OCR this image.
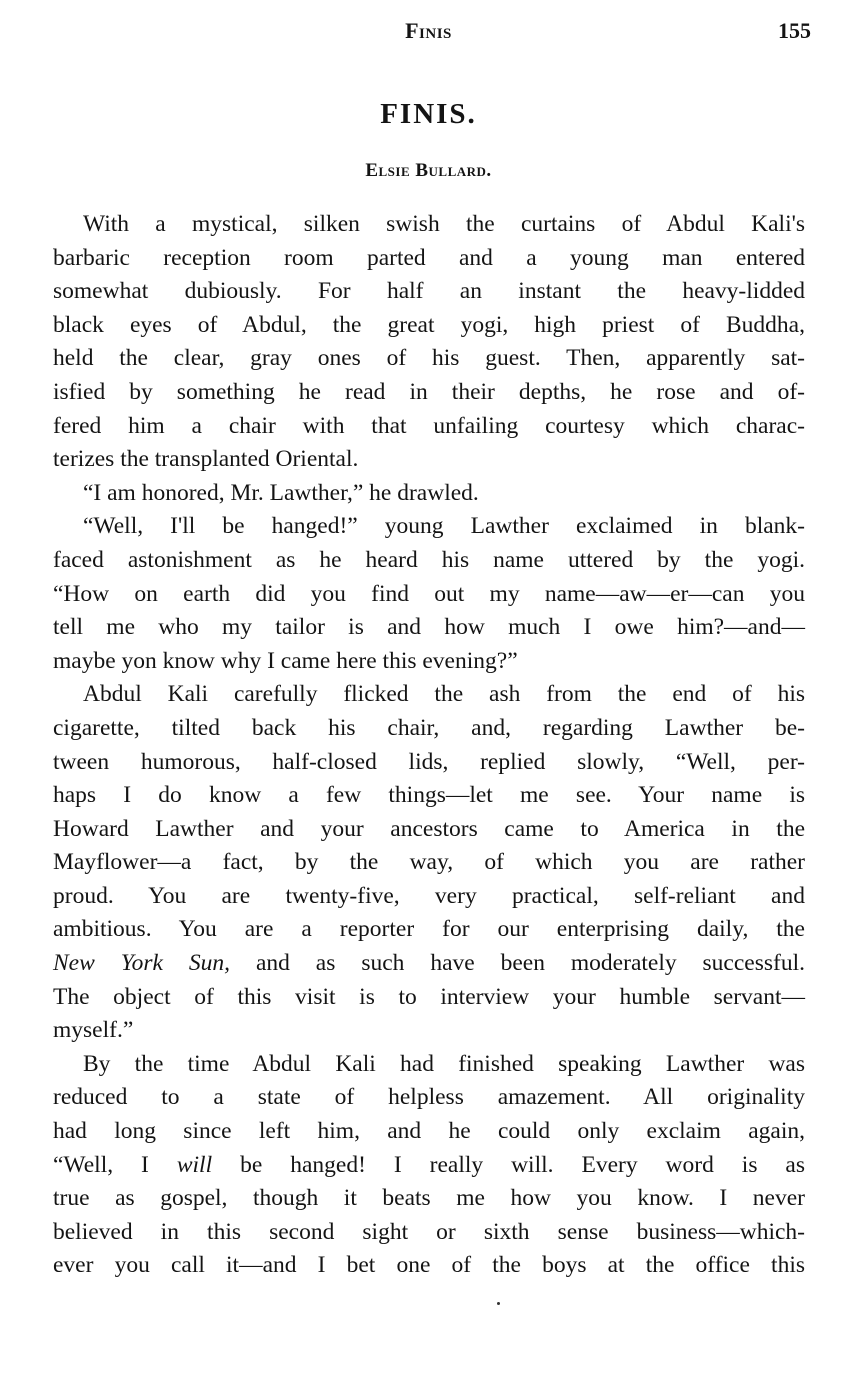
Finis	155
FINIS.
Elsie Bullard.
With a mystical, silken swish the curtains of Abdul Kali's
barbaric reception room parted and a young man entered
somewhat dubiously. For half an instant the heavy-lidded
black eyes of Abdul, the great yogi, high priest of Buddha,
held the clear, gray ones of his guest. Then, apparently sat-
isfied by something he read in their depths, he rose and of-
fered him a chair with that unfailing courtesy which charac-
terizes the transplanted Oriental.
“I am honored, Mr. Lawther,” he drawled.
“Well, I'll be hanged!” young Lawther exclaimed in blank-
faced astonishment as he heard his name uttered by the yogi.
“How on earth did you find out my name—aw—er—can you
tell me who my tailor is and how much I owe him?—and—
maybe yon know why I came here this evening?”
Abdul Kali carefully flicked the ash from the end of his
cigarette, tilted back his chair, and, regarding Lawther be-
tween humorous, half-closed lids, replied slowly, “Well, per-
haps I do know a few things—let me see. Your name is
Howard Lawther and your ancestors came to America in the
Mayflower—a fact, by the way, of which you are rather
proud. You are twenty-five, very practical, self-reliant and
ambitious. You are a reporter for our enterprising daily, the
New York Sun, and as such have been moderately successful.
The object of this visit is to interview your humble servant—
myself.”
By the time Abdul Kali had finished speaking Lawther was
reduced to a state of helpless amazement. All originality
had long since left him, and he could only exclaim again,
“Well, I will be hanged! I really will. Every word is as
true as gospel, though it beats me how you know. I never
believed in this second sight or sixth sense business—which-
ever you call it—and I bet one of the boys at the office this
